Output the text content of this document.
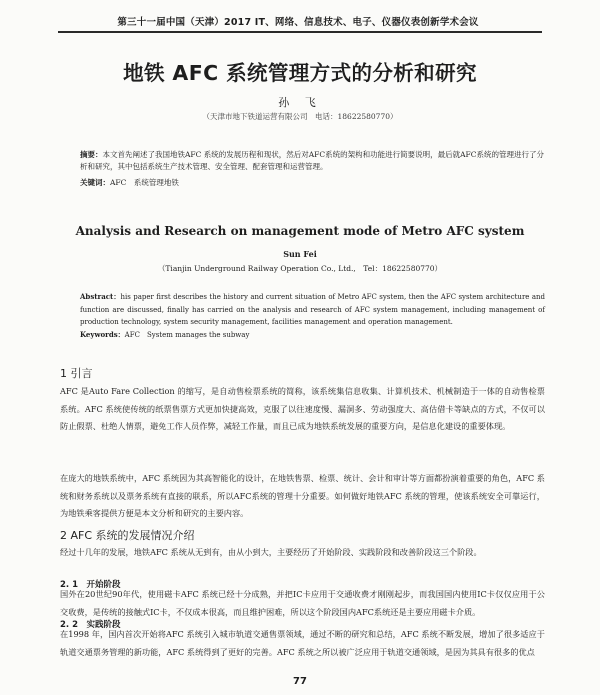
第三十一届中国（天津）2017 IT、网络、信息技术、电子、仪器仪表创新学术会议
地铁 AFC 系统管理方式的分析和研究
孙 飞
（天津市地下铁道运营有限公司　电话：18622580770）
摘要：本文首先阐述了我国地铁AFC 系统的发展历程和现状，然后对AFC系统的架构和功能进行简要说明，最后就AFC系统的管理进行了分析和研究，其中包括系统生产技术管理、安全管理、配套管理和运营管理。
关键词：AFC　系统管理地铁
Analysis and Research on management mode of Metro AFC system
Sun Fei
（Tianjin Underground Railway Operation Co., Ltd.,　Tel：18622580770）
Abstract：his paper first describes the history and current situation of Metro AFC system, then the AFC system architecture and function are discussed, finally has carried on the analysis and research of AFC system management, including management of production technology, system security management, facilities management and operation management.
Keywords：AFC　System manages the subway
1 引言
AFC 是Auto Fare Collection 的缩写，是自动售检票系统的简称，该系统集信息收集、计算机技术、机械制造于一体的自动售检票系统。AFC 系统使传统的纸票售票方式更加快捷高效，克服了以往速度慢、漏洞多、劳动强度大、高估借卡等缺点的方式，不仅可以防止假票、杜绝人情票，避免工作人员作弊，减轻工作量，而且已成为地铁系统发展的重要方向，是信息化建设的重要体现。
在庞大的地铁系统中，AFC 系统因为其高智能化的设计，在地铁售票、检票、统计、会计和审计等方面都扮演着重要的角色，AFC 系统和财务系统以及票务系统有直接的联系，所以AFC系统的管理十分重要。如何做好地铁AFC 系统的管理，使该系统安全可靠运行，为地铁乘客提供方便是本文分析和研究的主要内容。
2 AFC 系统的发展情况介绍
经过十几年的发展，地铁AFC 系统从无到有，由从小到大，主要经历了开始阶段、实践阶段和改善阶段这三个阶段。
2. 1　开始阶段
国外在20世纪90年代，使用磁卡AFC 系统已经十分成熟，并把IC卡应用于交通收费才刚刚起步，而我国国内使用IC卡仅仅应用于公交收费，是传统的接触式IC卡，不仅成本很高，而且维护困难，所以这个阶段国内AFC系统还是主要应用磁卡介质。
2. 2　实践阶段
在1998 年，国内首次开始将AFC 系统引入城市轨道交通售票领域，通过不断的研究和总结，AFC 系统不断发展，增加了很多适应于轨道交通票务管理的新功能，AFC 系统得到了更好的完善。AFC 系统之所以被广泛应用于轨道交通领域，是因为其具有很多的优点
77
